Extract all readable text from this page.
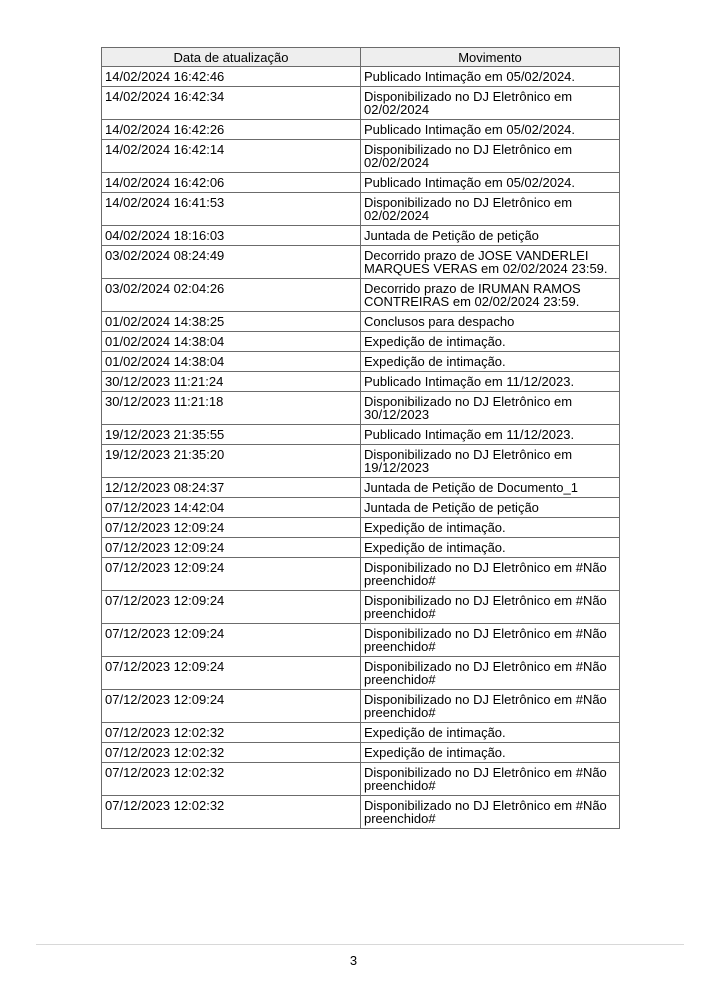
Data de atualização	Movimento
14/02/2024 16:42:46	Publicado Intimação em 05/02/2024.
14/02/2024 16:42:34	Disponibilizado no DJ Eletrônico em 02/02/2024
14/02/2024 16:42:26	Publicado Intimação em 05/02/2024.
14/02/2024 16:42:14	Disponibilizado no DJ Eletrônico em 02/02/2024
14/02/2024 16:42:06	Publicado Intimação em 05/02/2024.
14/02/2024 16:41:53	Disponibilizado no DJ Eletrônico em 02/02/2024
04/02/2024 18:16:03	Juntada de Petição de petição
03/02/2024 08:24:49	Decorrido prazo de JOSE VANDERLEI MARQUES VERAS em 02/02/2024 23:59.
03/02/2024 02:04:26	Decorrido prazo de IRUMAN RAMOS CONTREIRAS em 02/02/2024 23:59.
01/02/2024 14:38:25	Conclusos para despacho
01/02/2024 14:38:04	Expedição de intimação.
01/02/2024 14:38:04	Expedição de intimação.
30/12/2023 11:21:24	Publicado Intimação em 11/12/2023.
30/12/2023 11:21:18	Disponibilizado no DJ Eletrônico em 30/12/2023
19/12/2023 21:35:55	Publicado Intimação em 11/12/2023.
19/12/2023 21:35:20	Disponibilizado no DJ Eletrônico em 19/12/2023
12/12/2023 08:24:37	Juntada de Petição de Documento_1
07/12/2023 14:42:04	Juntada de Petição de petição
07/12/2023 12:09:24	Expedição de intimação.
07/12/2023 12:09:24	Expedição de intimação.
07/12/2023 12:09:24	Disponibilizado no DJ Eletrônico em #Não preenchido#
07/12/2023 12:09:24	Disponibilizado no DJ Eletrônico em #Não preenchido#
07/12/2023 12:09:24	Disponibilizado no DJ Eletrônico em #Não preenchido#
07/12/2023 12:09:24	Disponibilizado no DJ Eletrônico em #Não preenchido#
07/12/2023 12:09:24	Disponibilizado no DJ Eletrônico em #Não preenchido#
07/12/2023 12:02:32	Expedição de intimação.
07/12/2023 12:02:32	Expedição de intimação.
07/12/2023 12:02:32	Disponibilizado no DJ Eletrônico em #Não preenchido#
07/12/2023 12:02:32	Disponibilizado no DJ Eletrônico em #Não preenchido#
3
